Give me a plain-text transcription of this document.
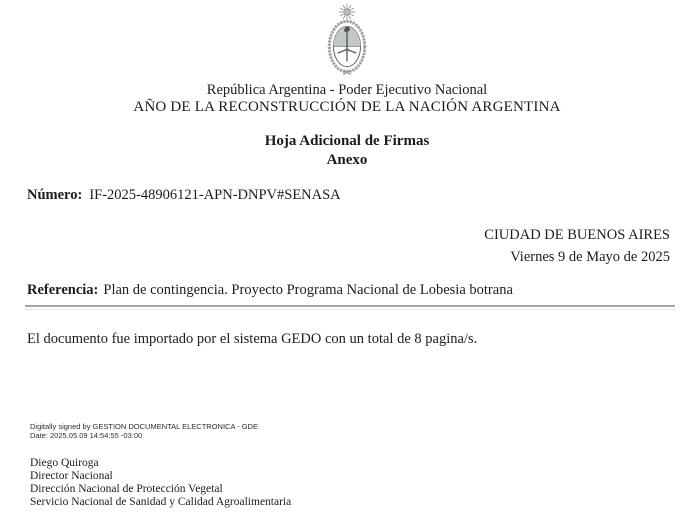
República Argentina - Poder Ejecutivo Nacional
AÑO DE LA RECONSTRUCCIÓN DE LA NACIÓN ARGENTINA
Hoja Adicional de Firmas
Anexo
Número: IF-2025-48906121-APN-DNPV#SENASA
CIUDAD DE BUENOS AIRES
Viernes 9 de Mayo de 2025
Referencia: Plan de contingencia. Proyecto Programa Nacional de Lobesia botrana
El documento fue importado por el sistema GEDO con un total de 8 pagina/s.
Digitally signed by GESTION DOCUMENTAL ELECTRONICA - GDE
Date: 2025.05.09 14:54:55 -03:00
Diego Quiroga
Director Nacional
Dirección Nacional de Protección Vegetal
Servicio Nacional de Sanidad y Calidad Agroalimentaria
